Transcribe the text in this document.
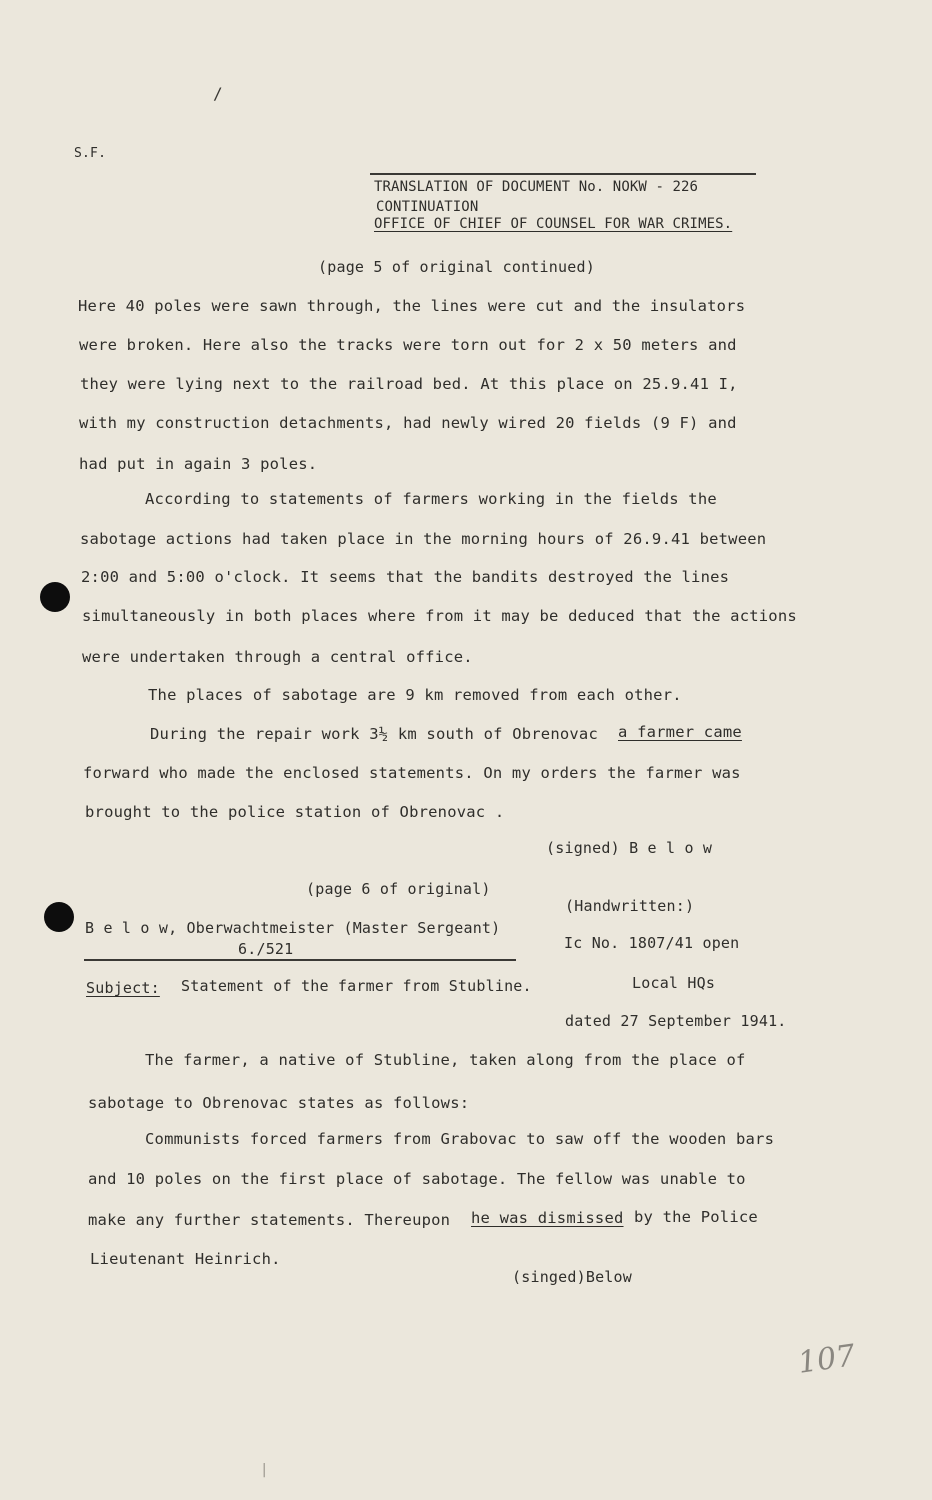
/
S.F.
TRANSLATION OF DOCUMENT No. NOKW - 226
CONTINUATION
OFFICE OF CHIEF OF COUNSEL FOR WAR CRIMES.
(page 5 of original continued)
Here 40 poles were sawn through, the lines were cut and the insulators
were broken. Here also the tracks were torn out for 2 x 50 meters and
they were lying next to the railroad bed. At this place on 25.9.41 I,
with my construction detachments, had newly wired 20 fields (9 F) and
had put in again 3 poles.
According to statements of farmers working in the fields the
sabotage actions had taken place in the morning hours of 26.9.41 between
2:00 and 5:00 o'clock. It seems that the bandits destroyed the lines
simultaneously in both places where from it may be deduced that the actions
were undertaken through a central office.
The places of sabotage are 9 km removed from each other.
During the repair work 3½ km south of Obrenovac a farmer came
forward who made the enclosed statements. On my orders the farmer was
brought to the police station of Obrenovac .
(signed) B e l o w
(page 6 of original)
(Handwritten:)
B e l o w, Oberwachtmeister (Master Sergeant)
6./521	Ic No. 1807/41 open
Subject: Statement of the farmer from Stubline.	Local HQs
dated 27 September 1941.
The farmer, a native of Stubline, taken along from the place of
sabotage to Obrenovac states as follows:
Communists forced farmers from Grabovac to saw off the wooden bars
and 10 poles on the first place of sabotage. The fellow was unable to
make any further statements. Thereupon he was dismissed by the Police
Lieutenant Heinrich.
(singed)Below
107
|
